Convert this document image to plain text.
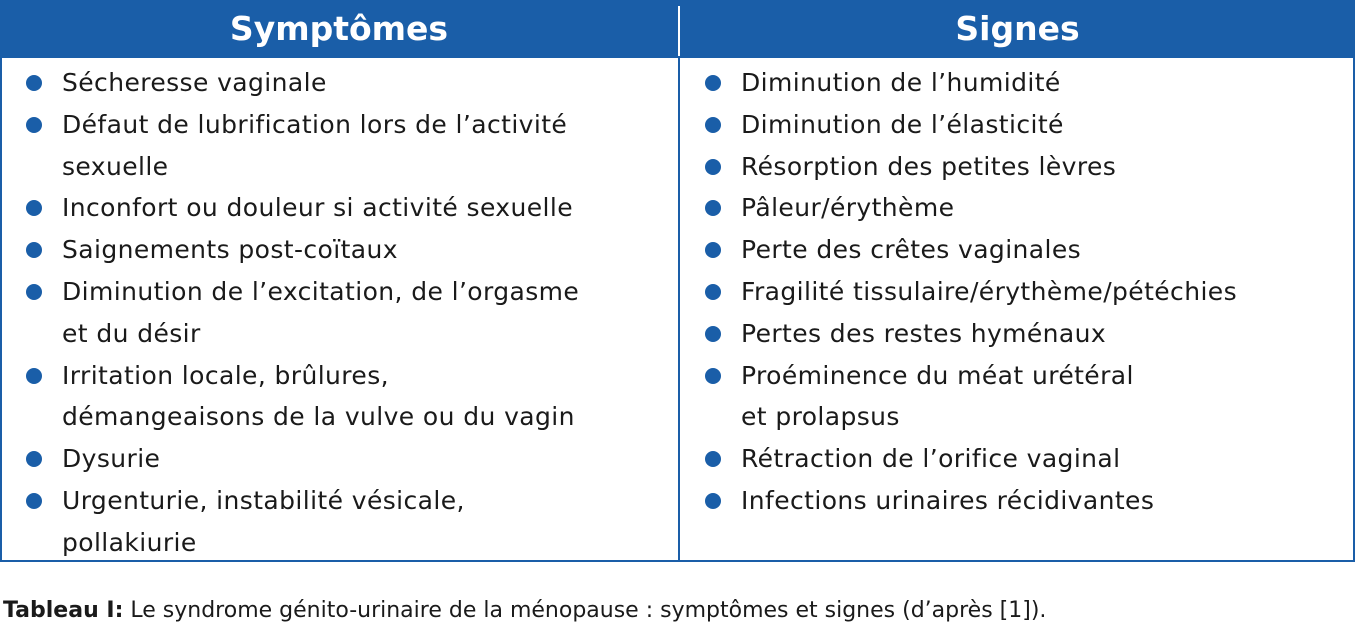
Symptômes	Signes
Sécheresse vaginale
Défaut de lubrification lors de l’activité
sexuelle
Inconfort ou douleur si activité sexuelle
Saignements post-coïtaux
Diminution de l’excitation, de l’orgasme
et du désir
Irritation locale, brûlures,
démangeaisons de la vulve ou du vagin
Dysurie
Urgenturie, instabilité vésicale,
pollakiurie
Diminution de l’humidité
Diminution de l’élasticité
Résorption des petites lèvres
Pâleur/érythème
Perte des crêtes vaginales
Fragilité tissulaire/érythème/pétéchies
Pertes des restes hyménaux
Proéminence du méat urétéral
et prolapsus
Rétraction de l’orifice vaginal
Infections urinaires récidivantes
Tableau I: Le syndrome génito-urinaire de la ménopause : symptômes et signes (d’après [1]).
